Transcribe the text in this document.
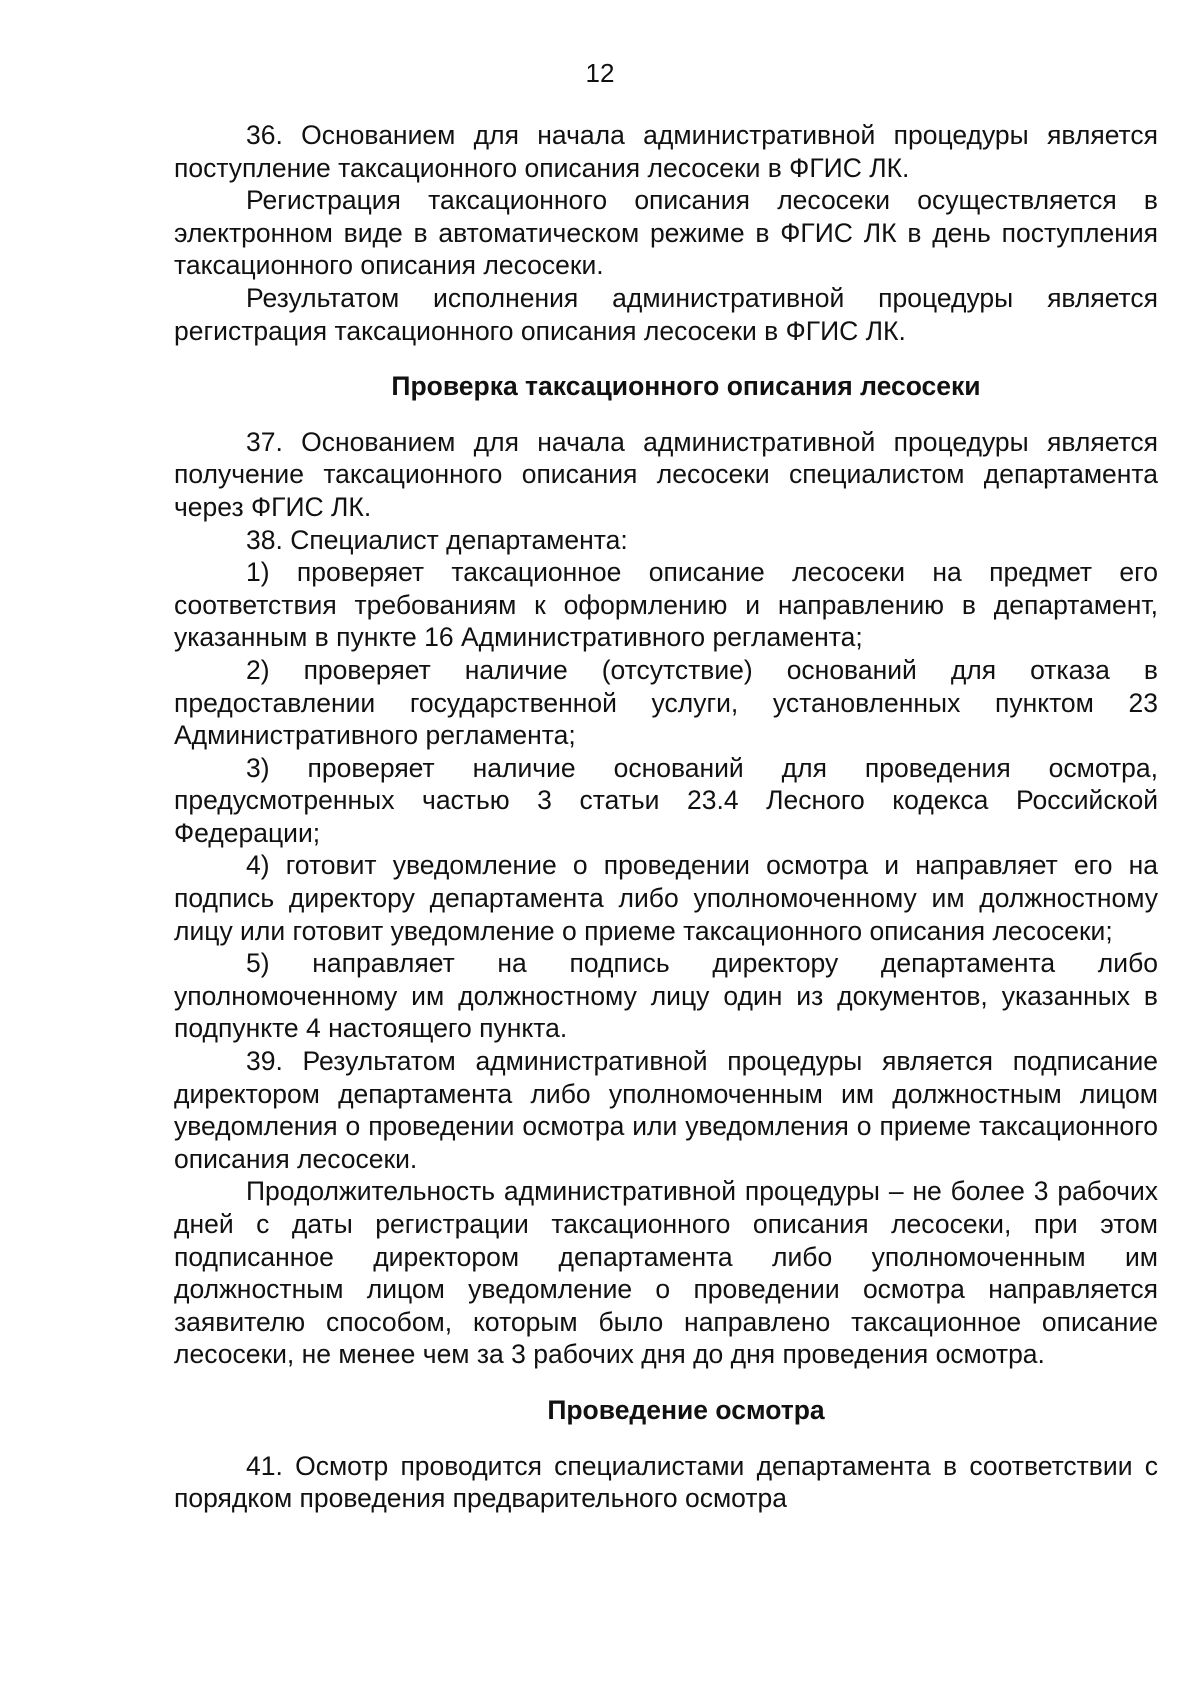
12

36. Основанием для начала административной процедуры является поступление таксационного описания лесосеки в ФГИС ЛК.

Регистрация таксационного описания лесосеки осуществляется в электронном виде в автоматическом режиме в ФГИС ЛК в день поступления таксационного описания лесосеки.

Результатом исполнения административной процедуры является регистрация таксационного описания лесосеки в ФГИС ЛК.

Проверка таксационного описания лесосеки

37. Основанием для начала административной процедуры является получение таксационного описания лесосеки специалистом департамента через ФГИС ЛК.

38. Специалист департамента:

1) проверяет таксационное описание лесосеки на предмет его соответствия требованиям к оформлению и направлению в департамент, указанным в пункте 16 Административного регламента;

2) проверяет наличие (отсутствие) оснований для отказа в предоставлении государственной услуги, установленных пунктом 23 Административного регламента;

3) проверяет наличие оснований для проведения осмотра, предусмотренных частью 3 статьи 23.4 Лесного кодекса Российской Федерации;

4) готовит уведомление о проведении осмотра и направляет его на подпись директору департамента либо уполномоченному им должностному лицу или готовит уведомление о приеме таксационного описания лесосеки;

5) направляет на подпись директору департамента либо уполномоченному им должностному лицу один из документов, указанных в подпункте 4 настоящего пункта.

39. Результатом административной процедуры является подписание директором департамента либо уполномоченным им должностным лицом уведомления о проведении осмотра или уведомления о приеме таксационного описания лесосеки.

Продолжительность административной процедуры – не более 3 рабочих дней с даты регистрации таксационного описания лесосеки, при этом подписанное директором департамента либо уполномоченным им должностным лицом уведомление о проведении осмотра направляется заявителю способом, которым было направлено таксационное описание лесосеки, не менее чем за 3 рабочих дня до дня проведения осмотра.

Проведение осмотра

41. Осмотр проводится специалистами департамента в соответствии с порядком проведения предварительного осмотра
